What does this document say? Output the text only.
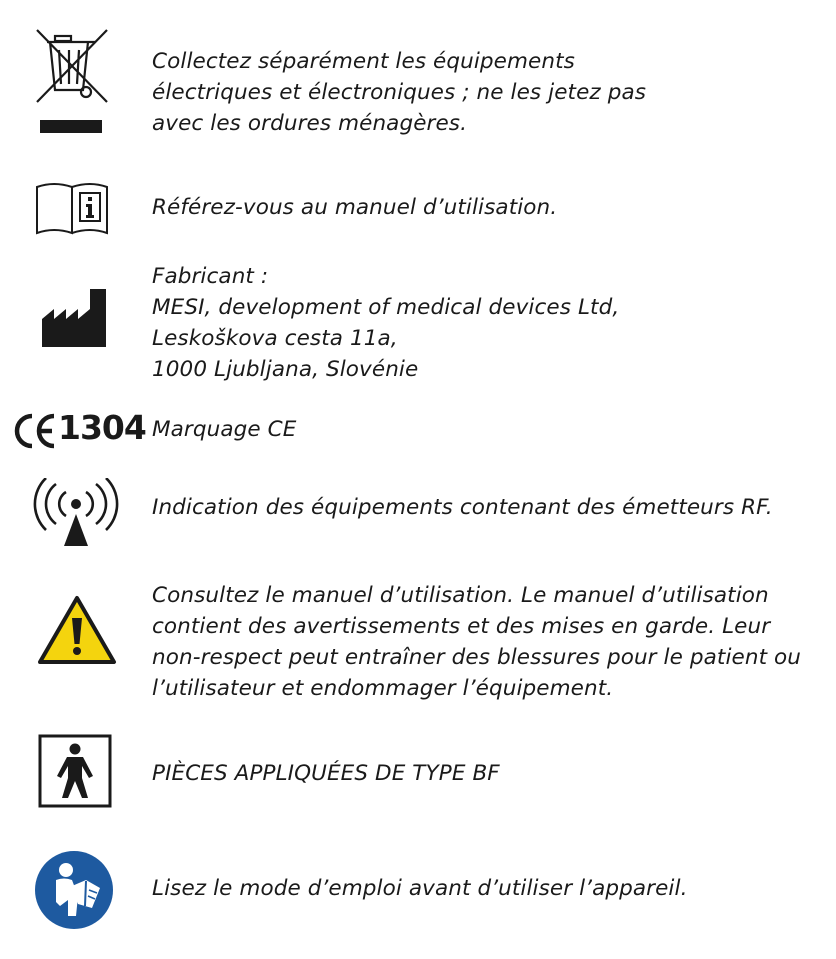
Collectez séparément les équipements
électriques et électroniques ; ne les jetez pas
avec les ordures ménagères.
Référez-vous au manuel d’utilisation.
Fabricant :
MESI, development of medical devices Ltd,
Leskoškova cesta 11a,
1000 Ljubljana, Slovénie
1304 Marquage CE
Indication des équipements contenant des émetteurs RF.
Consultez le manuel d’utilisation. Le manuel d’utilisation
contient des avertissements et des mises en garde. Leur
non-respect peut entraîner des blessures pour le patient ou
l’utilisateur et endommager l’équipement.
PIÈCES APPLIQUÉES DE TYPE BF
Lisez le mode d’emploi avant d’utiliser l’appareil.
